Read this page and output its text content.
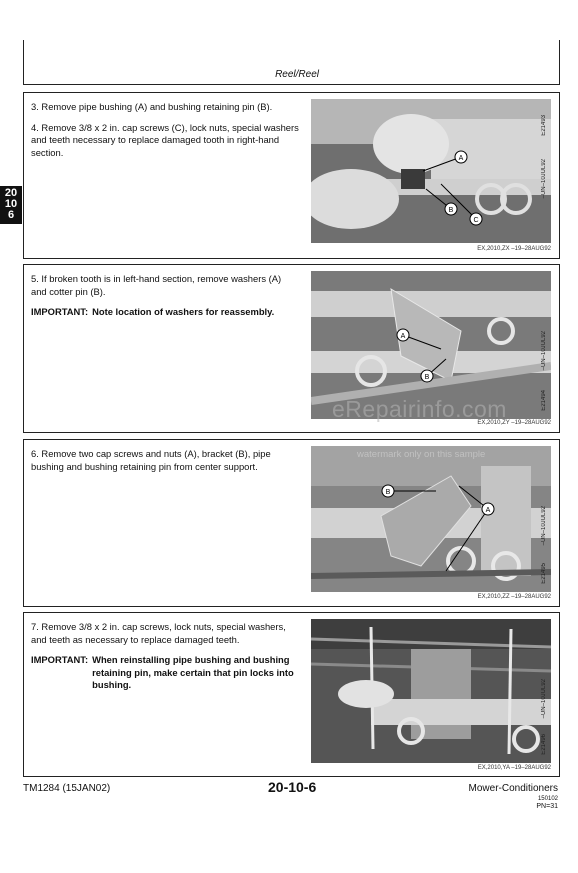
Reel/Reel
20
10
6

3. Remove pipe bushing (A) and bushing retaining pin (B).

4. Remove 3/8 x 2 in. cap screws (C), lock nuts, special washers and teeth necessary to replace damaged tooth in right-hand section.

A
B
C
E21493
–UN–10JUL92
EX,2010,ZX –19–28AUG92

5. If broken tooth is in left-hand section, remove washers (A) and cotter pin (B).

IMPORTANT: Note location of washers for reassembly.
A
B
E21494
–UN–10JUL92
EX,2010,ZY –19–28AUG92

6. Remove two cap screws and nuts (A), bracket (B), pipe bushing and bushing retaining pin from center support.

B
A
E21495
–UN–10JUL92
EX,2010,ZZ –19–28AUG92

7. Remove 3/8 x 2 in. cap screws, lock nuts, special washers, and teeth as necessary to replace damaged teeth.

IMPORTANT: When reinstalling pipe bushing and bushing retaining pin, make certain that pin locks into bushing.
E21496
–UN–10JUL92
EX,2010,YA –19–28AUG92
eRepairinfo.com
watermark only on this sample
TM1284 (15JAN02)	20-10-6	Mower-Conditioners
150102
PN=31
